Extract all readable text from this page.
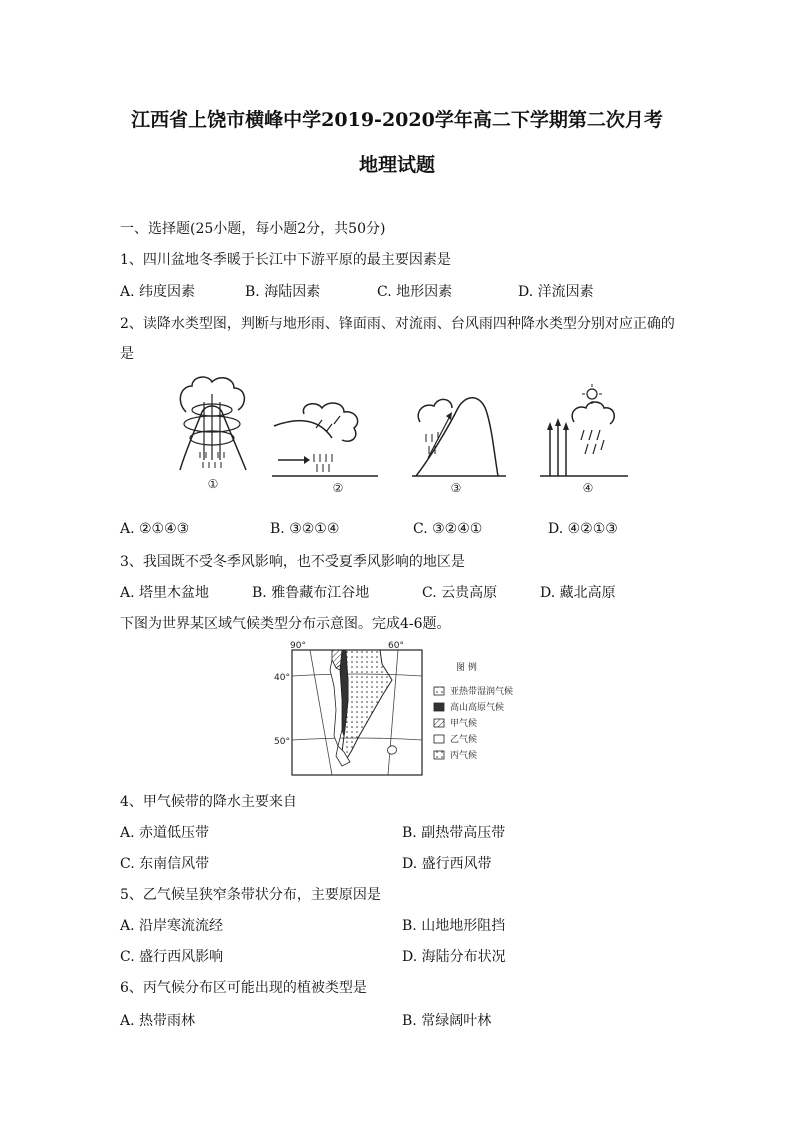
江西省上饶市横峰中学2019-2020学年高二下学期第二次月考
地理试题
一、选择题(25小题，每小题2分，共50分)
1、四川盆地冬季暖于长江中下游平原的最主要因素是
A. 纬度因素	B. 海陆因素	C. 地形因素	D. 洋流因素
2、读降水类型图，判断与地形雨、锋面雨、对流雨、台风雨四种降水类型分别对应正确的
是
①	②	③	④
A. ②①④③	B. ③②①④	C. ③②④①	D. ④②①③
3、我国既不受冬季风影响，也不受夏季风影响的地区是
A. 塔里木盆地	B. 雅鲁藏布江谷地	C. 云贵高原	D. 藏北高原
下图为世界某区域气候类型分布示意图。完成4-6题。
90°	60°
40°
50°
图 例
亚热带湿润气候
高山高原气候
甲气候
乙气候
丙气候
4、甲气候带的降水主要来自
A. 赤道低压带	B. 副热带高压带
C. 东南信风带	D. 盛行西风带
5、乙气候呈狭窄条带状分布，主要原因是
A. 沿岸寒流流经	B. 山地地形阻挡
C. 盛行西风影响	D. 海陆分布状况
6、丙气候分布区可能出现的植被类型是
A. 热带雨林	B. 常绿阔叶林
